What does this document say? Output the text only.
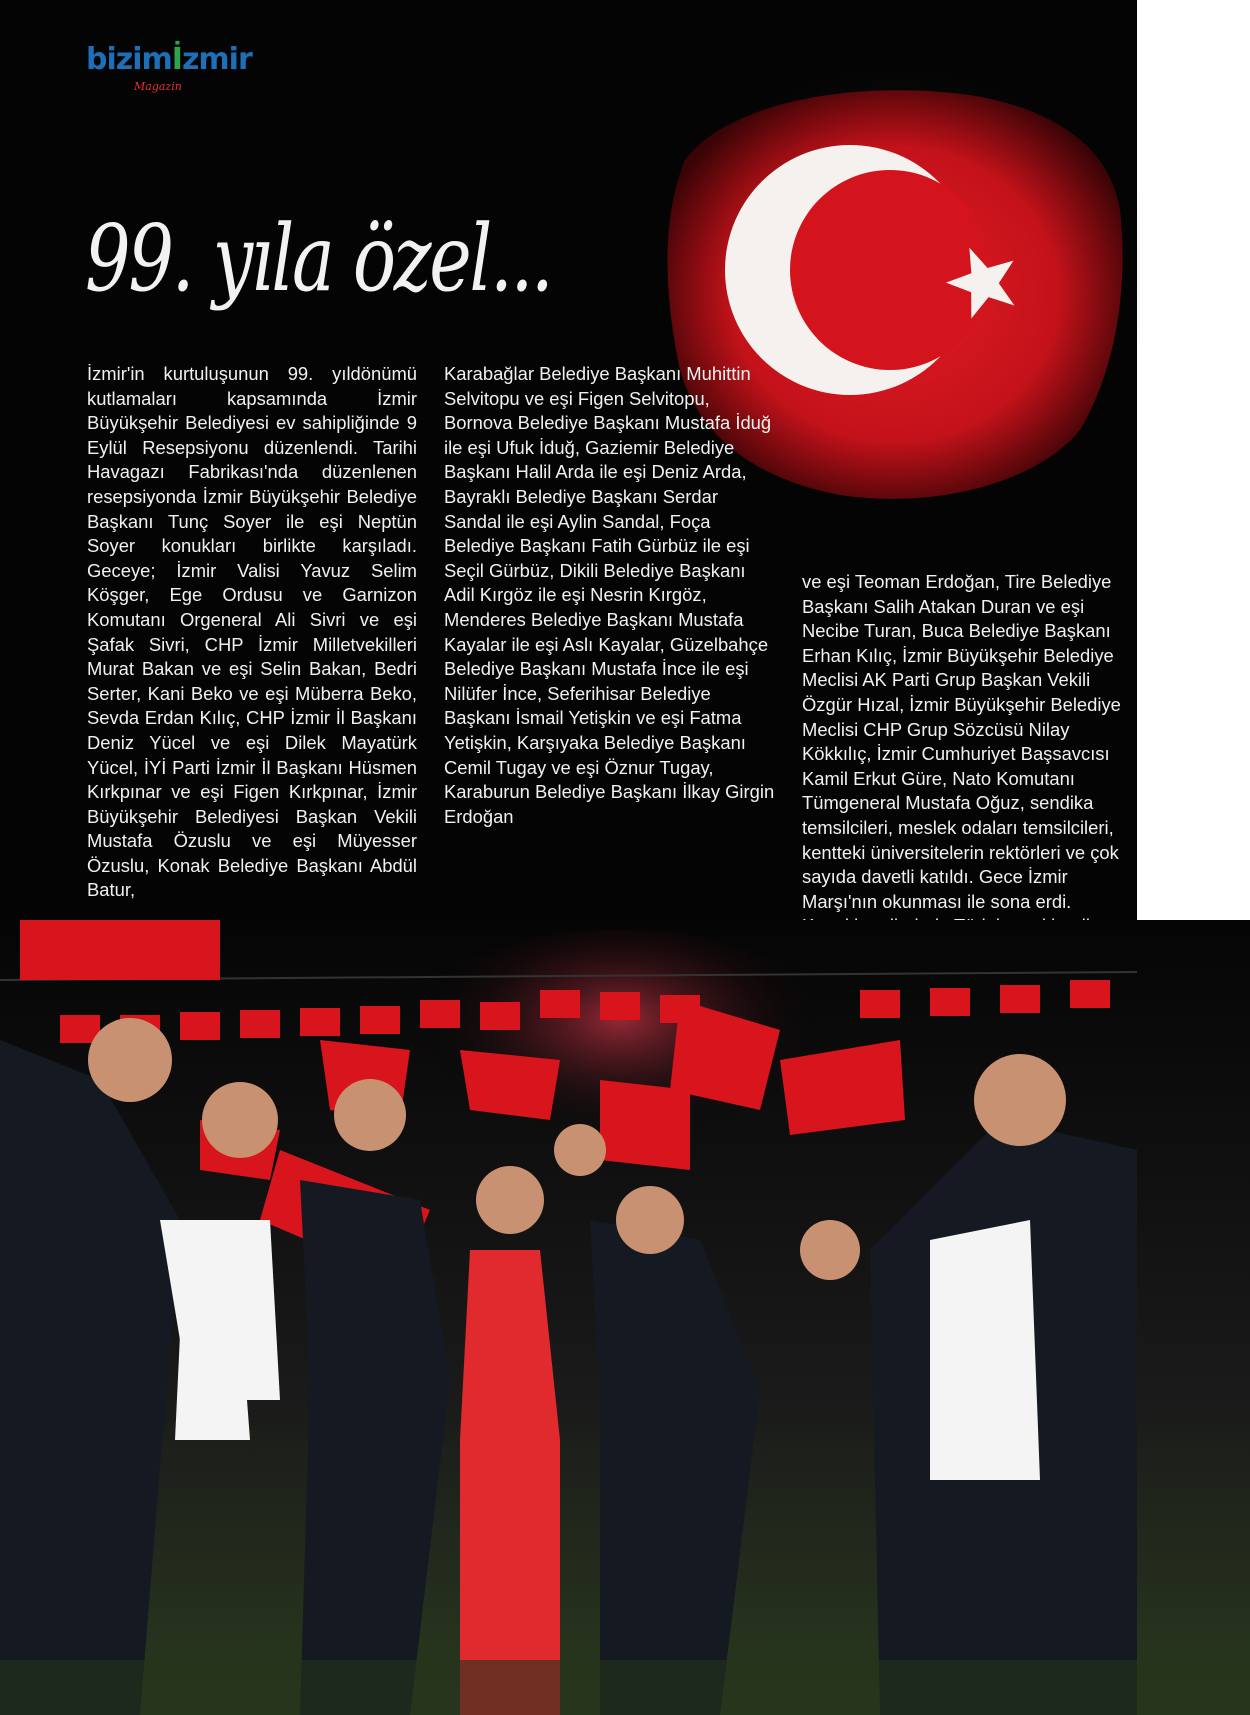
bizimİzmir
Magazin
99. yıla özel...

İzmir'in kurtuluşunun 99. yıldönümü kutlamaları kapsamında İzmir Büyükşehir Belediyesi ev sahipliğinde 9 Eylül Resepsiyonu düzenlendi. Tarihi Havagazı Fabrikası'nda düzenlenen resepsiyonda İzmir Büyükşehir Belediye Başkanı Tunç Soyer ile eşi Neptün Soyer konukları birlikte karşıladı. Geceye; İzmir Valisi Yavuz Selim Köşger, Ege Ordusu ve Garnizon Komutanı Orgeneral Ali Sivri ve eşi Şafak Sivri, CHP İzmir Milletvekilleri Murat Bakan ve eşi Selin Bakan, Bedri Serter, Kani Beko ve eşi Müberra Beko, Sevda Erdan Kılıç, CHP İzmir İl Başkanı Deniz Yücel ve eşi Dilek Mayatürk Yücel, İYİ Parti İzmir İl Başkanı Hüsmen Kırkpınar ve eşi Figen Kırkpınar, İzmir Büyükşehir Belediyesi Başkan Vekili Mustafa Özuslu ve eşi Müyesser Özuslu, Konak Belediye Başkanı Abdül Batur,

Karabağlar Belediye Başkanı Muhittin Selvitopu ve eşi Figen Selvitopu, Bornova Belediye Başkanı Mustafa İduğ ile eşi Ufuk İduğ, Gaziemir Belediye Başkanı Halil Arda ile eşi Deniz Arda, Bayraklı Belediye Başkanı Serdar Sandal ile eşi Aylin Sandal, Foça Belediye Başkanı Fatih Gürbüz ile eşi Seçil Gürbüz, Dikili Belediye Başkanı Adil Kırgöz ile eşi Nesrin Kırgöz, Menderes Belediye Başkanı Mustafa Kayalar ile eşi Aslı Kayalar, Güzelbahçe Belediye Başkanı Mustafa İnce ile eşi Nilüfer İnce, Seferihisar Belediye Başkanı İsmail Yetişkin ve eşi Fatma Yetişkin, Karşıyaka Belediye Başkanı Cemil Tugay ve eşi Öznur Tugay, Karaburun Belediye Başkanı İlkay Girgin Erdoğan

ve eşi Teoman Erdoğan, Tire Belediye Başkanı Salih Atakan Duran ve eşi Necibe Turan, Buca Belediye Başkanı Erhan Kılıç, İzmir Büyükşehir Belediye Meclisi AK Parti Grup Başkan Vekili Özgür Hızal, İzmir Büyükşehir Belediye Meclisi CHP Grup Sözcüsü Nilay Kökkılıç, İzmir Cumhuriyet Başsavcısı Kamil Erkut Güre, Nato Komutanı Tümgeneral Mustafa Oğuz, sendika temsilcileri, meslek odaları temsilcileri, kentteki üniversitelerin rektörleri ve çok sayıda davetli katıldı. Gece İzmir Marşı'nın okunması ile sona erdi.
